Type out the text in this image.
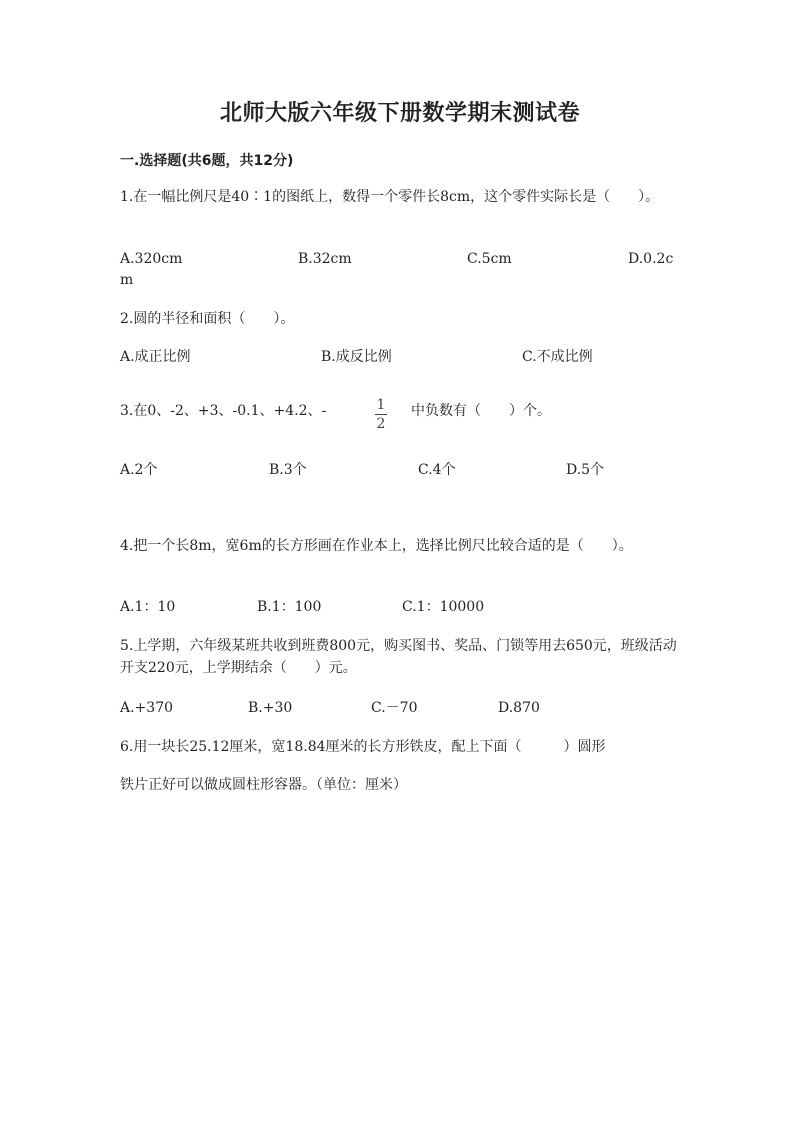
北师大版六年级下册数学期末测试卷
一.选择题(共6题，共12分)
1.在一幅比例尺是40∶1的图纸上，数得一个零件长8cm，这个零件实际长是（　　）。
A.320cm	B.32cm	C.5cm	D.0.2c
m
2.圆的半径和面积（　　）。
A.成正比例	B.成反比例	C.不成比例
3.在0、-2、+3、-0.1、+4.2、-	1
2
中负数有（　　）个。
A.2个	B.3个	C.4个	D.5个
4.把一个长8m，宽6m的长方形画在作业本上，选择比例尺比较合适的是（　　）。
A.1：10	B.1：100	C.1：10000
5.上学期，六年级某班共收到班费800元，购买图书、奖品、门锁等用去650元，班级活动开支220元，上学期结余（　　）元。
A.+370	B.+30	C.－70	D.870
6.用一块长25.12厘米，宽18.84厘米的长方形铁皮，配上下面（　　　）圆形
铁片正好可以做成圆柱形容器。（单位：厘米）
